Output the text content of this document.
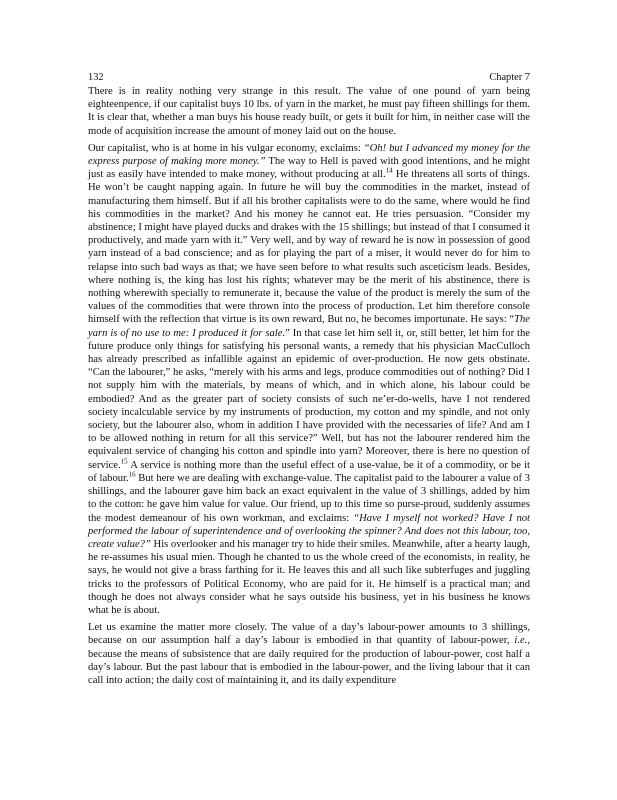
132	Chapter 7

There is in reality nothing very strange in this result. The value of one pound of yarn being eighteenpence, if our capitalist buys 10 lbs. of yarn in the market, he must pay fifteen shillings for them. It is clear that, whether a man buys his house ready built, or gets it built for him, in neither case will the mode of acquisition increase the amount of money laid out on the house.

Our capitalist, who is at home in his vulgar economy, exclaims: “Oh! but I advanced my money for the express purpose of making more money.” The way to Hell is paved with good intentions, and he might just as easily have intended to make money, without producing at all.$^{14}$ He threatens all sorts of things. He won’t be caught napping again. In future he will buy the commodities in the market, instead of manufacturing them himself. But if all his brother capitalists were to do the same, where would he find his commodities in the market? And his money he cannot eat. He tries persuasion. “Consider my abstinence; I might have played ducks and drakes with the 15 shillings; but instead of that I consumed it productively, and made yarn with it.” Very well, and by way of reward he is now in possession of good yarn instead of a bad conscience; and as for playing the part of a miser, it would never do for him to relapse into such bad ways as that; we have seen before to what results such asceticism leads. Besides, where nothing is, the king has lost his rights; whatever may be the merit of his abstinence, there is nothing wherewith specially to remunerate it, because the value of the product is merely the sum of the values of the commodities that were thrown into the process of production. Let him therefore console himself with the reflection that virtue is its own reward, But no, he becomes importunate. He says: “The yarn is of no use to me: I produced it for sale.” In that case let him sell it, or, still better, let him for the future produce only things for satisfying his personal wants, a remedy that his physician MacCulloch has already prescribed as infallible against an epidemic of over-production. He now gets obstinate. “Can the labourer,” he asks, “merely with his arms and legs, produce commodities out of nothing? Did I not supply him with the materials, by means of which, and in which alone, his labour could be embodied? And as the greater part of society consists of such ne’er-do-wells, have I not rendered society incalculable service by my instruments of production, my cotton and my spindle, and not only society, but the labourer also, whom in addition I have provided with the necessaries of life? And am I to be allowed nothing in return for all this service?” Well, but has not the labourer rendered him the equivalent service of changing his cotton and spindle into yarn? Moreover, there is here no question of service.$^{15}$ A service is nothing more than the useful effect of a use-value, be it of a commodity, or be it of labour.$^{16}$ But here we are dealing with exchange-value. The capitalist paid to the labourer a value of 3 shillings, and the labourer gave him back an exact equivalent in the value of 3 shillings, added by him to the cotton: he gave him value for value. Our friend, up to this time so purse-proud, suddenly assumes the modest demeanour of his own workman, and exclaims: “Have I myself not worked? Have I not performed the labour of superintendence and of overlooking the spinner? And does not this labour, too, create value?” His overlooker and his manager try to hide their smiles. Meanwhile, after a hearty laugh, he re-assumes his usual mien. Though he chanted to us the whole creed of the economists, in reality, he says, he would not give a brass farthing for it. He leaves this and all such like subterfuges and juggling tricks to the professors of Political Economy, who are paid for it. He himself is a practical man; and though he does not always consider what he says outside his business, yet in his business he knows what he is about.

Let us examine the matter more closely. The value of a day’s labour-power amounts to 3 shillings, because on our assumption half a day’s labour is embodied in that quantity of labour-power, i.e., because the means of subsistence that are daily required for the production of labour-power, cost half a day’s labour. But the past labour that is embodied in the labour-power, and the living labour that it can call into action; the daily cost of maintaining it, and its daily expenditure
